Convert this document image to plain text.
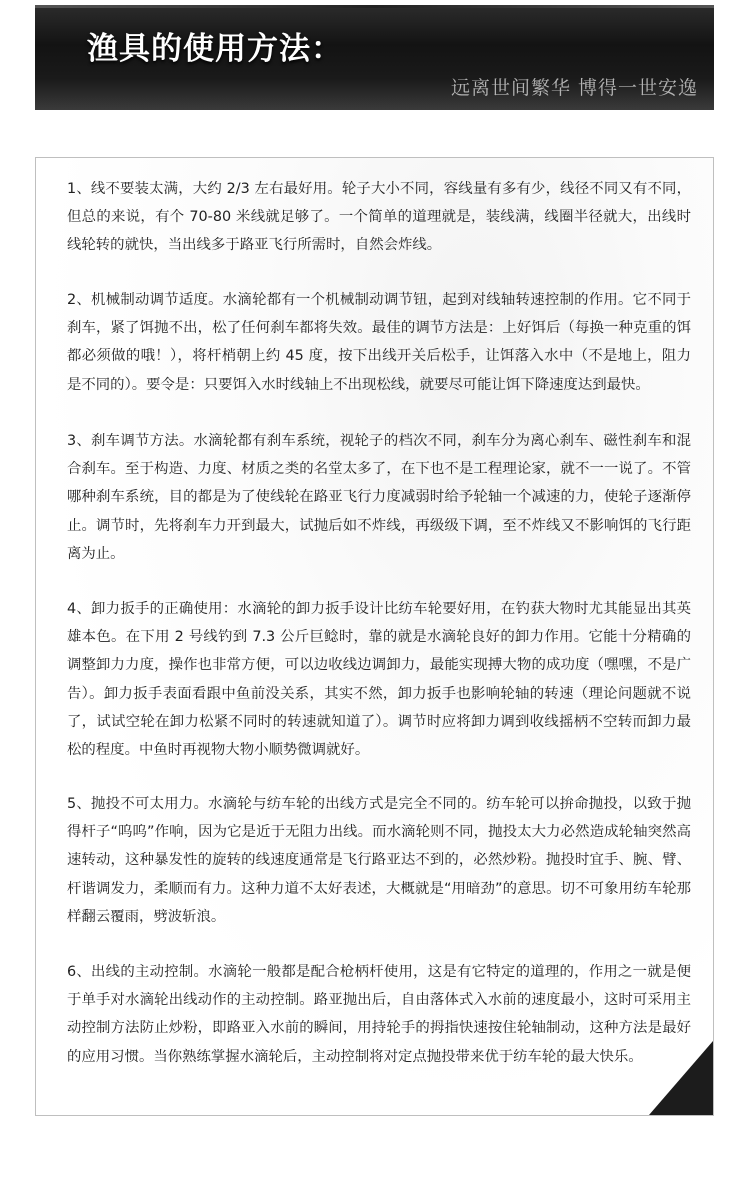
渔具的使用方法：
远离世间繁华 博得一世安逸

1、线不要装太满，大约 2/3 左右最好用。轮子大小不同，容线量有多有少，线径不同又有不同，但总的来说，有个 70-80 米线就足够了。一个简单的道理就是，装线满，线圈半径就大，出线时线轮转的就快，当出线多于路亚飞行所需时，自然会炸线。

2、机械制动调节适度。水滴轮都有一个机械制动调节钮，起到对线轴转速控制的作用。它不同于刹车，紧了饵抛不出，松了任何刹车都将失效。最佳的调节方法是：上好饵后（每换一种克重的饵都必须做的哦！），将杆梢朝上约 45 度，按下出线开关后松手，让饵落入水中（不是地上，阻力是不同的）。要令是：只要饵入水时线轴上不出现松线，就要尽可能让饵下降速度达到最快。

3、刹车调节方法。水滴轮都有刹车系统，视轮子的档次不同，刹车分为离心刹车、磁性刹车和混合刹车。至于构造、力度、材质之类的名堂太多了，在下也不是工程理论家，就不一一说了。不管哪种刹车系统，目的都是为了使线轮在路亚飞行力度减弱时给予轮轴一个减速的力，使轮子逐渐停止。调节时，先将刹车力开到最大，试抛后如不炸线，再级级下调，至不炸线又不影响饵的飞行距离为止。

4、卸力扳手的正确使用：水滴轮的卸力扳手设计比纺车轮要好用，在钓获大物时尤其能显出其英雄本色。在下用 2 号线钓到 7.3 公斤巨鲶时，靠的就是水滴轮良好的卸力作用。它能十分精确的调整卸力力度，操作也非常方便，可以边收线边调卸力，最能实现搏大物的成功度（嘿嘿，不是广告）。卸力扳手表面看跟中鱼前没关系，其实不然，卸力扳手也影响轮轴的转速（理论问题就不说了，试试空轮在卸力松紧不同时的转速就知道了）。调节时应将卸力调到收线摇柄不空转而卸力最松的程度。中鱼时再视物大物小顺势微调就好。

5、抛投不可太用力。水滴轮与纺车轮的出线方式是完全不同的。纺车轮可以拚命抛投，以致于抛得杆子“呜呜”作响，因为它是近于无阻力出线。而水滴轮则不同，抛投太大力必然造成轮轴突然高速转动，这种暴发性的旋转的线速度通常是飞行路亚达不到的，必然炒粉。抛投时宜手、腕、臂、杆谐调发力，柔顺而有力。这种力道不太好表述，大概就是“用暗劲”的意思。切不可象用纺车轮那样翻云覆雨，劈波斩浪。

6、出线的主动控制。水滴轮一般都是配合枪柄杆使用，这是有它特定的道理的，作用之一就是便于单手对水滴轮出线动作的主动控制。路亚抛出后，自由落体式入水前的速度最小，这时可采用主动控制方法防止炒粉，即路亚入水前的瞬间，用持轮手的拇指快速按住轮轴制动，这种方法是最好的应用习惯。当你熟练掌握水滴轮后，主动控制将对定点抛投带来优于纺车轮的最大快乐。
